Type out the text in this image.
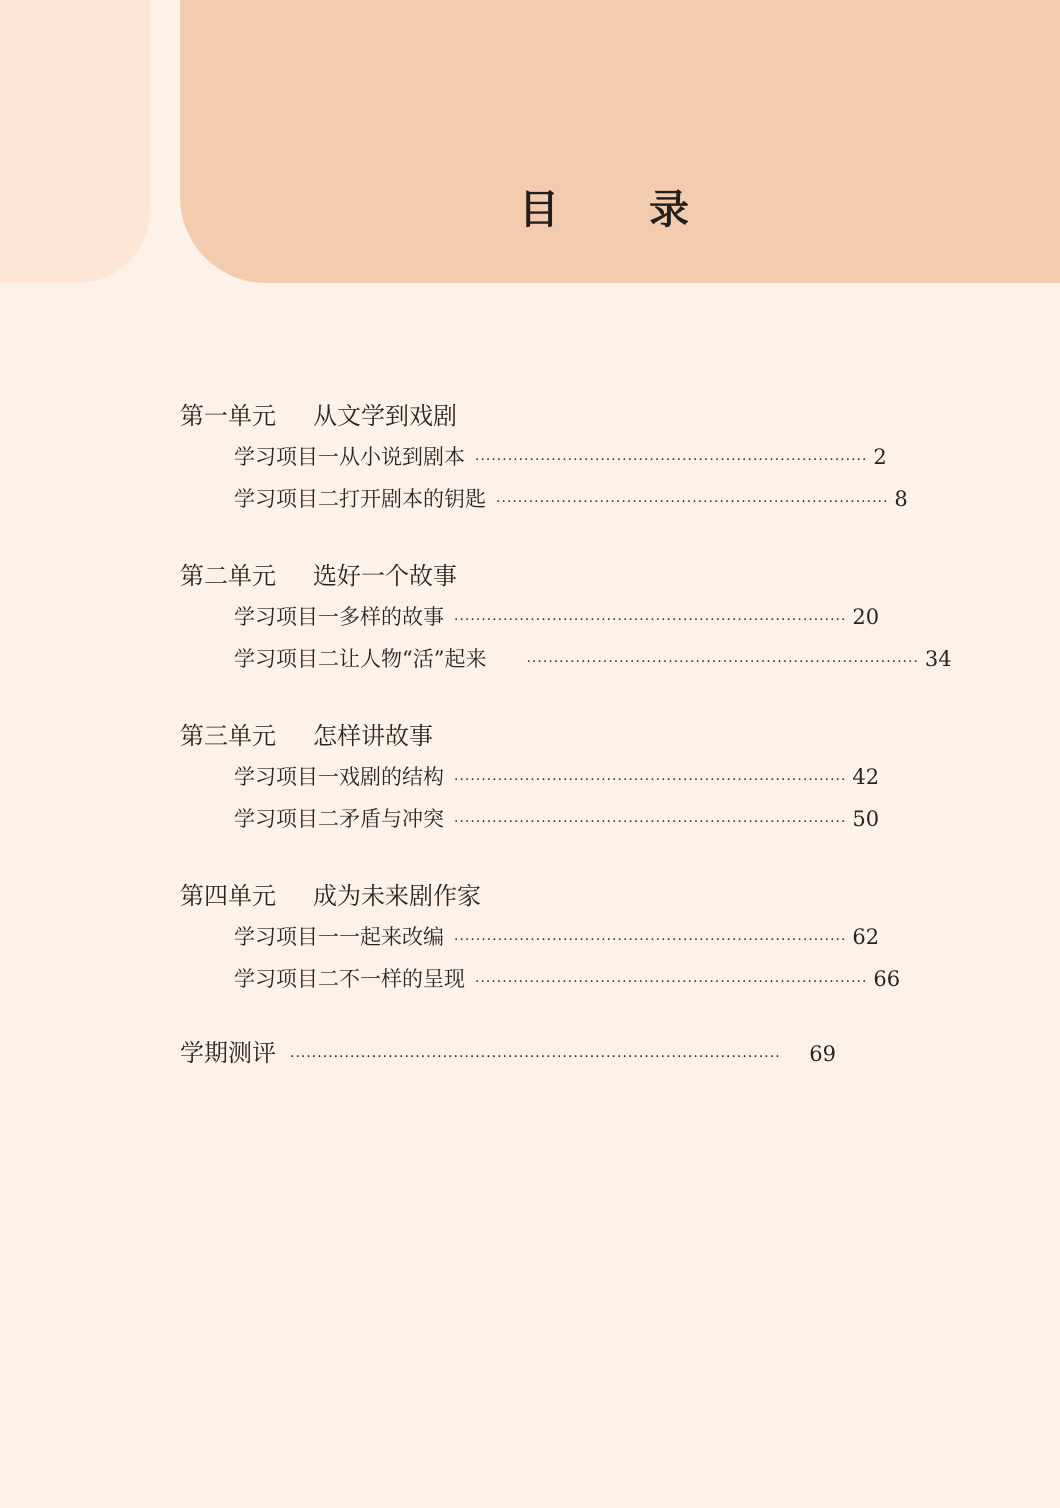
目 录
第一单元	从文学到戏剧
学习项目一 从小说到剧本 ········································································ 2
学习项目二 打开剧本的钥匙 ········································································ 8
第二单元	选好一个故事
学习项目一 多样的故事 ········································································ 20
学习项目二 让人物“活”起来	········································································ 34
第三单元	怎样讲故事
学习项目一 戏剧的结构 ········································································ 42
学习项目二 矛盾与冲突 ········································································ 50
第四单元	成为未来剧作家
学习项目一 一起来改编 ········································································ 62
学习项目二 不一样的呈现 ········································································ 66
学期测评 ··························································································	69
